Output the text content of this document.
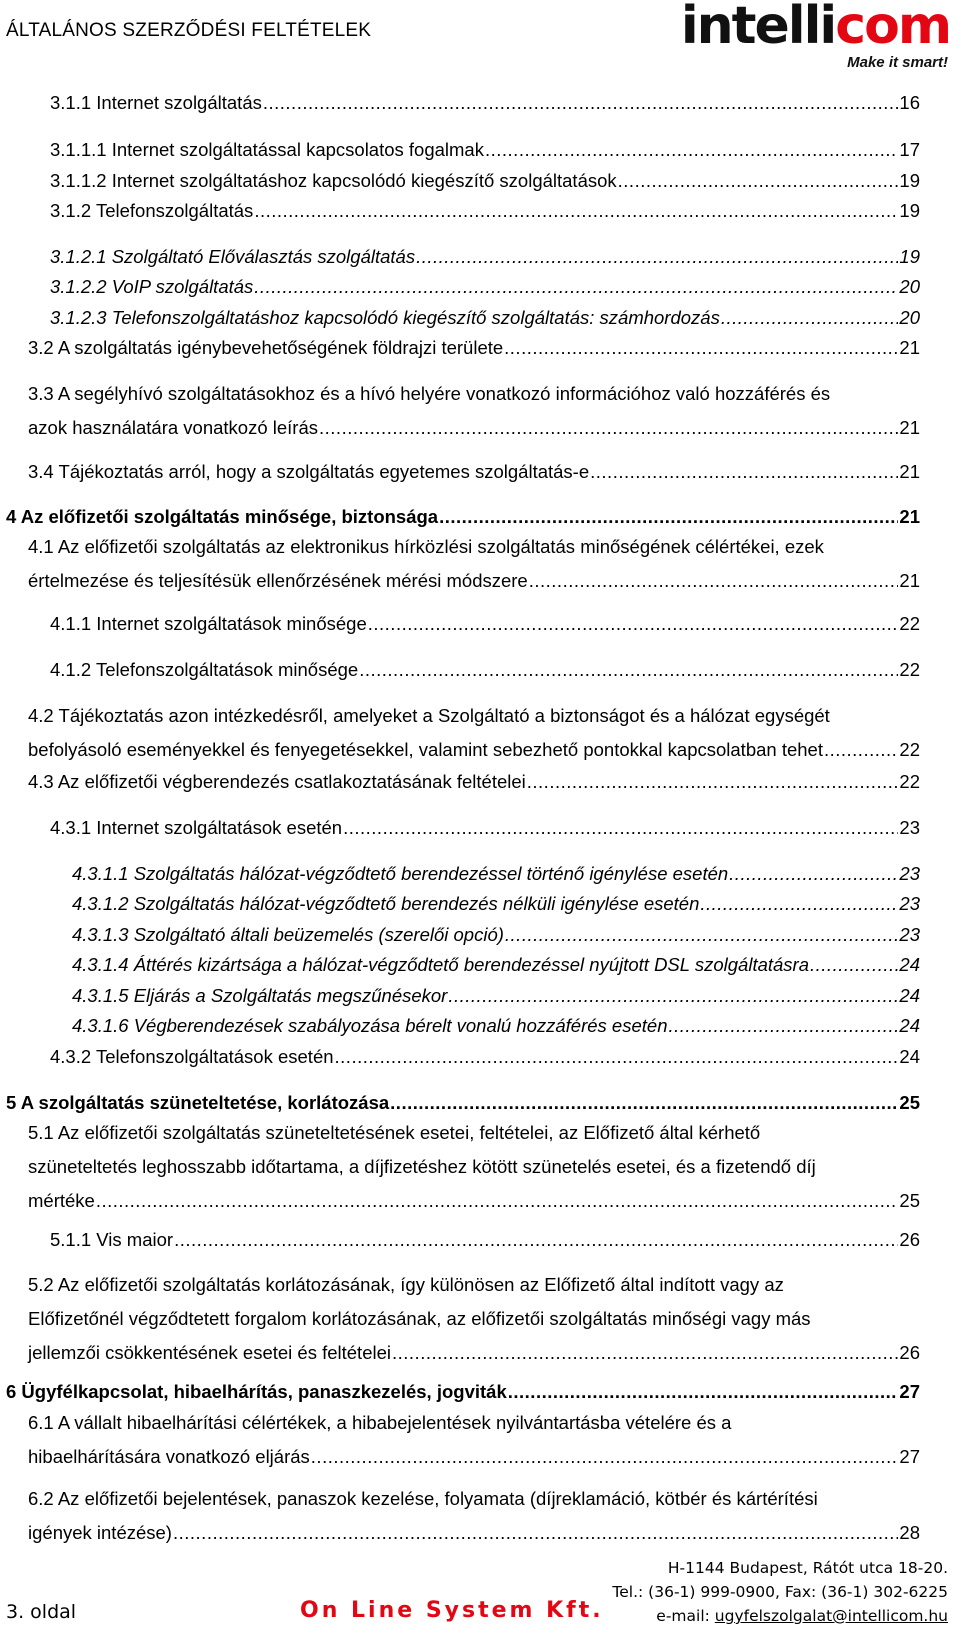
ÁLTALÁNOS SZERZŐDÉSI FELTÉTELEK	intellicom
Make it smart!
3.1.1 Internet szolgáltatás .....	16
3.1.1.1 Internet szolgáltatással kapcsolatos fogalmak .....	17
3.1.1.2 Internet szolgáltatáshoz kapcsolódó kiegészítő szolgáltatások .....	19
3.1.2 Telefonszolgáltatás .....	19
3.1.2.1 Szolgáltató Előválasztás szolgáltatás .....	19
3.1.2.2 VoIP szolgáltatás .....	20
3.1.2.3 Telefonszolgáltatáshoz kapcsolódó kiegészítő szolgáltatás: számhordozás .....	20
3.2 A szolgáltatás igénybevehetőségének földrajzi területe .....	21
3.3 A segélyhívó szolgáltatásokhoz és a hívó helyére vonatkozó információhoz való hozzáférés és
azok használatára vonatkozó leírás .....	21
3.4 Tájékoztatás arról, hogy a szolgáltatás egyetemes szolgáltatás-e .....	21
4 Az előfizetői szolgáltatás minősége, biztonsága .....	21
4.1 Az előfizetői szolgáltatás az elektronikus hírközlési szolgáltatás minőségének célértékei, ezek
értelmezése és teljesítésük ellenőrzésének mérési módszere .....	21
4.1.1 Internet szolgáltatások minősége .....	22
4.1.2 Telefonszolgáltatások minősége .....	22
4.2 Tájékoztatás azon intézkedésről, amelyeket a Szolgáltató a biztonságot és a hálózat egységét
befolyásoló eseményekkel és fenyegetésekkel, valamint sebezhető pontokkal kapcsolatban tehet .....	22
4.3 Az előfizetői végberendezés csatlakoztatásának feltételei .....	22
4.3.1 Internet szolgáltatások esetén .....	23
4.3.1.1 Szolgáltatás hálózat-végződtető berendezéssel történő igénylése esetén .....	23
4.3.1.2 Szolgáltatás hálózat-végződtető berendezés nélküli igénylése esetén .....	23
4.3.1.3 Szolgáltató általi beüzemelés (szerelői opció) .....	23
4.3.1.4 Áttérés kizártsága a hálózat-végződtető berendezéssel nyújtott DSL szolgáltatásra .....	24
4.3.1.5 Eljárás a Szolgáltatás megszűnésekor .....	24
4.3.1.6 Végberendezések szabályozása bérelt vonalú hozzáférés esetén .....	24
4.3.2 Telefonszolgáltatások esetén .....	24
5 A szolgáltatás szüneteltetése, korlátozása .....	25
5.1 Az előfizetői szolgáltatás szüneteltetésének esetei, feltételei, az Előfizető által kérhető
szüneteltetés leghosszabb időtartama, a díjfizetéshez kötött szünetelés esetei, és a fizetendő díj
mértéke .....	25
5.1.1 Vis maior .....	26
5.2 Az előfizetői szolgáltatás korlátozásának, így különösen az Előfizető által indított vagy az
Előfizetőnél végződtetett forgalom korlátozásának, az előfizetői szolgáltatás minőségi vagy más
jellemzői csökkentésének esetei és feltételei .....	26
6 Ügyfélkapcsolat, hibaelhárítás, panaszkezelés, jogviták .....	27
6.1 A vállalt hibaelhárítási célértékek, a hibabejelentések nyilvántartásba vételére és a
hibaelhárítására vonatkozó eljárás .....	27
6.2 Az előfizetői bejelentések, panaszok kezelése, folyamata (díjreklamáció, kötbér és kártérítési
igények intézése) .....	28
3. oldal	On Line System Kft.
H-1144 Budapest, Rátót utca 18-20.
Tel.: (36-1) 999-0900, Fax: (36-1) 302-6225
e-mail: ugyfelszolgalat@intellicom.hu
